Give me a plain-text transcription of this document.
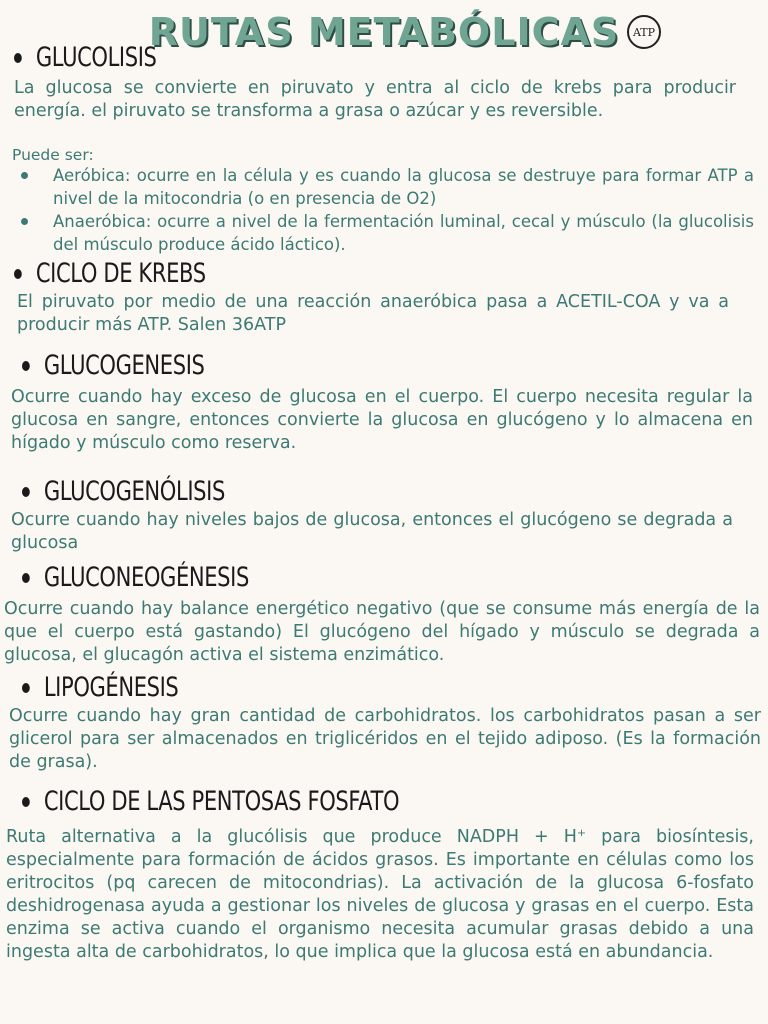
RUTAS METABÓLICAS	ATP
GLUCOLISIS

La glucosa se convierte en piruvato y entra al ciclo de krebs para producir energía. el piruvato se transforma a grasa o azúcar y es reversible.

Puede ser:

Aeróbica: ocurre en la célula y es cuando la glucosa se destruye para formar ATP a nivel de la mitocondria (o en presencia de O2)
Anaeróbica: ocurre a nivel de la fermentación luminal, cecal y músculo (la glucolisis del músculo produce ácido láctico).
CICLO DE KREBS

El piruvato por medio de una reacción anaeróbica pasa a ACETIL-COA y va a producir más ATP. Salen 36ATP

GLUCOGENESIS

Ocurre cuando hay exceso de glucosa en el cuerpo. El cuerpo necesita regular la glucosa en sangre, entonces convierte la glucosa en glucógeno y lo almacena en hígado y músculo como reserva.

GLUCOGENÓLISIS

Ocurre cuando hay niveles bajos de glucosa, entonces el glucógeno se degrada a glucosa

GLUCONEOGÉNESIS

Ocurre cuando hay balance energético negativo (que se consume más energía de la que el cuerpo está gastando) El glucógeno del hígado y músculo se degrada a glucosa, el glucagón activa el sistema enzimático.

LIPOGÉNESIS

Ocurre cuando hay gran cantidad de carbohidratos. los carbohidratos pasan a ser glicerol para ser almacenados en triglicéridos en el tejido adiposo. (Es la formación de grasa).

CICLO DE LAS PENTOSAS FOSFATO

Ruta alternativa a la glucólisis que produce NADPH + H⁺ para biosíntesis, especialmente para formación de ácidos grasos. Es importante en células como los eritrocitos (pq carecen de mitocondrias). La activación de la glucosa 6-fosfato deshidrogenasa ayuda a gestionar los niveles de glucosa y grasas en el cuerpo. Esta enzima se activa cuando el organismo necesita acumular grasas debido a una ingesta alta de carbohidratos, lo que implica que la glucosa está en abundancia.
